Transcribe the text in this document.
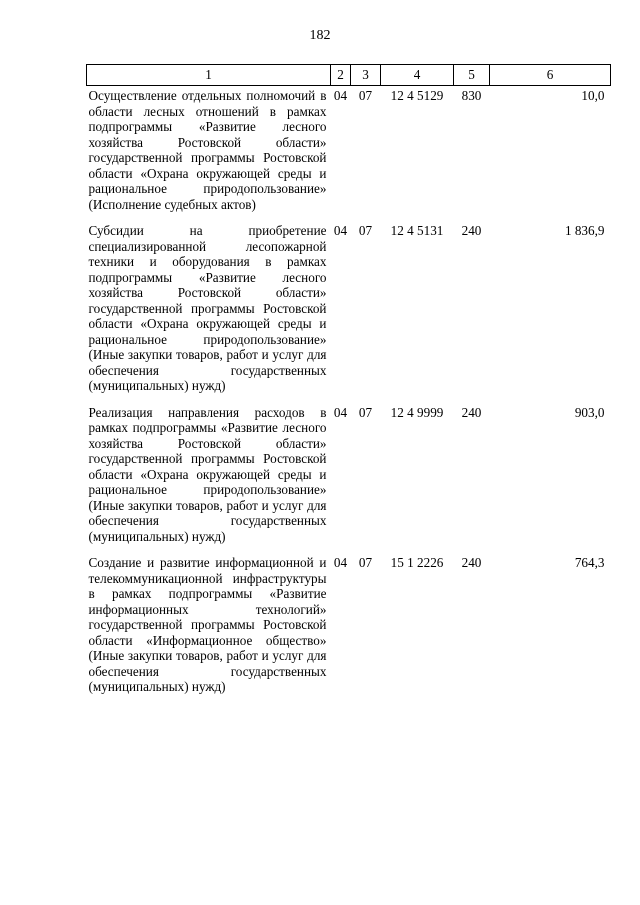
182
1	2	3	4	5	6
Осуществление отдельных полномочий в области лесных отношений в рамках подпрограммы «Развитие лесного хозяйства Ростовской области» государственной программы Ростовской области «Охрана окружающей среды и рациональное природопользование» (Исполнение судебных актов)	04	07	12 4 5129	830	10,0
Субсидии на приобретение специализированной лесопожарной техники и оборудования в рамках подпрограммы «Развитие лесного хозяйства Ростовской области» государственной программы Ростовской области «Охрана окружающей среды и рациональное природопользование» (Иные закупки товаров, работ и услуг для обеспечения государственных (муниципальных) нужд)	04	07	12 4 5131	240	1 836,9
Реализация направления расходов в рамках подпрограммы «Развитие лесного хозяйства Ростовской области» государственной программы Ростовской области «Охрана окружающей среды и рациональное природопользование» (Иные закупки товаров, работ и услуг для обеспечения государственных (муниципальных) нужд)	04	07	12 4 9999	240	903,0
Создание и развитие информационной и телекоммуникационной инфраструктуры в рамках подпрограммы «Развитие информационных технологий» государственной программы Ростовской области «Информационное общество» (Иные закупки товаров, работ и услуг для обеспечения государственных (муниципальных) нужд)	04	07	15 1 2226	240	764,3
